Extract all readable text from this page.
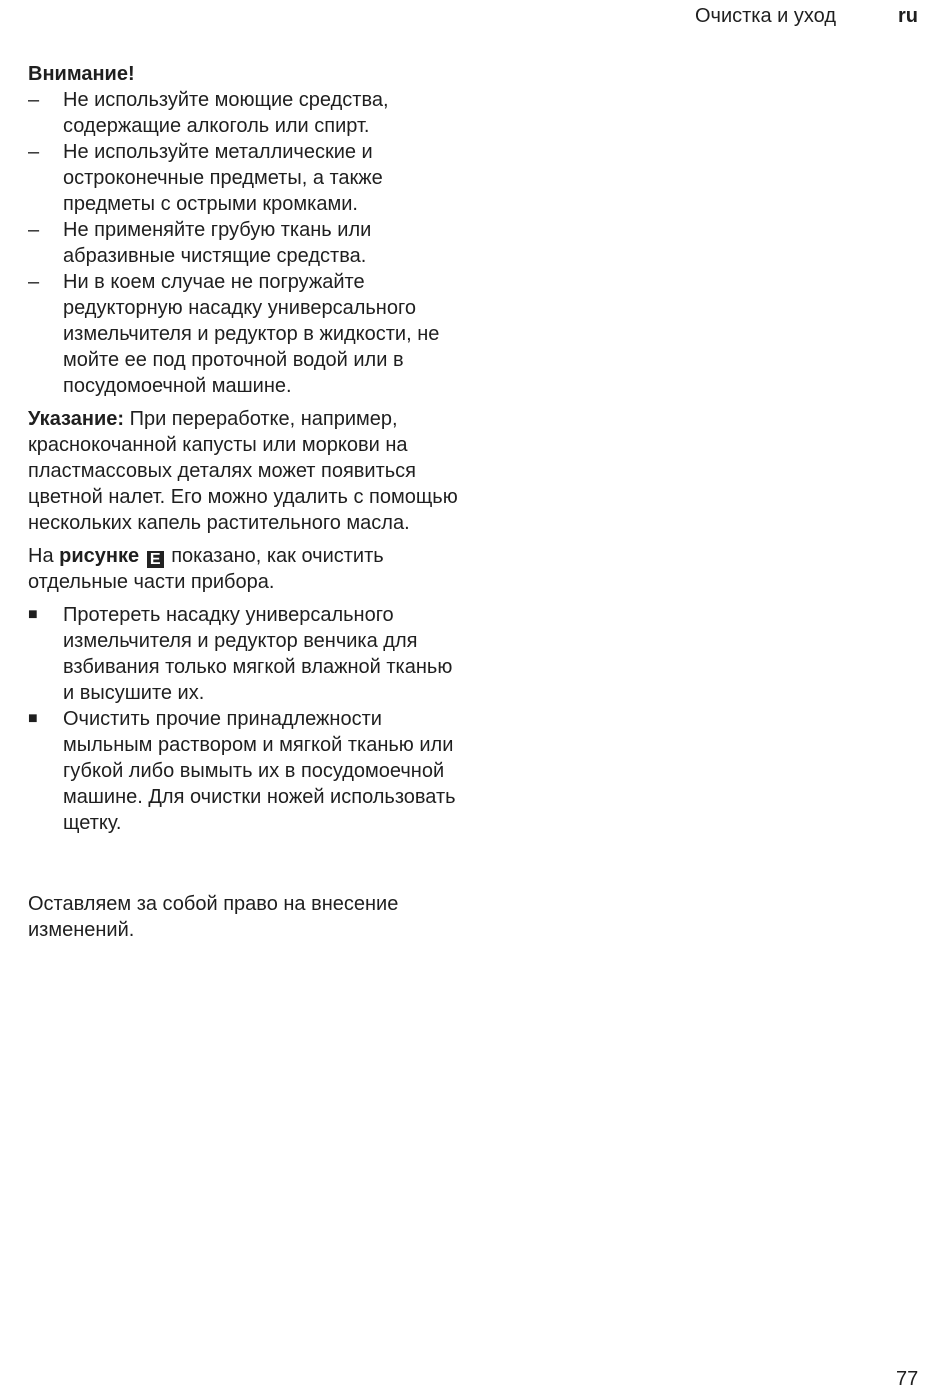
Очистка и уход	ru

Внимание!

–	Не используйте моющие средства, содержащие алкоголь или спирт.
–	Не используйте металлические и остроконечные предметы, а также предметы с острыми кромками.
–	Не применяйте грубую ткань или абразивные чистящие средства.
–	Ни в коем случае не погружайте редукторную насадку универсального измельчителя и редуктор в жидкости, не мойте ее под проточной водой или в посудомоечной машине.

Указание: При переработке, например, краснокочанной капусты или моркови на пластмассовых деталях может появиться цветной налет. Его можно удалить с помощью нескольких капель растительного масла.

На рисунке E показано, как очистить отдельные части прибора.

■	Протереть насадку универсального измельчителя и редуктор венчика для взбивания только мягкой влажной тканью и высушите их.
■	Очистить прочие принадлежности мыльным раствором и мягкой тканью или губкой либо вымыть их в посудомоечной машине. Для очистки ножей использовать щетку.

Оставляем за собой право на внесение изменений.

77
